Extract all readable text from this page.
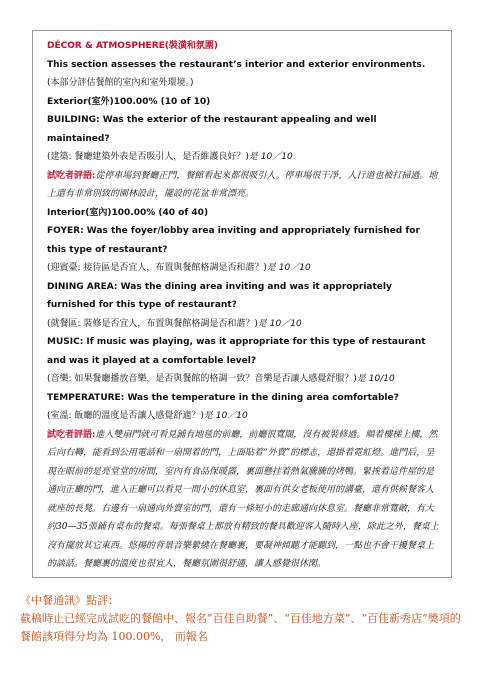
DÉCOR & ATMOSPHERE(裝潢和氛圍)

This section assesses the restaurant’s interior and exterior environments.

(本部分評估餐館的室內和室外環境。)

Exterior(室外)100.00% (10 of 10)

BUILDING: Was the exterior of the restaurant appealing and well maintained?

(建築: 餐廳建築外表是否吸引人，是否維護良好？)是 10／10

試吃者評語:從停車場到餐廳正門，餐館看起來都很吸引人。停車場很干凈，人行道也被打掃過。地上還有非常別致的園林設計，擺設的花盆非常漂亮。

Interior(室內)100.00% (40 of 40)

FOYER: Was the foyer/lobby area inviting and appropriately furnished for this type of restaurant?

(迎賓臺: 接待區是否宜人，布置與餐館格調是否和諧？)是 10／10

DINING AREA: Was the dining area inviting and was it appropriately furnished for this type of restaurant?

(就餐區: 裝修是否宜人，布置與餐館格調是否和諧？)是 10／10

MUSIC: If music was playing, was it appropriate for this type of restaurant and was it played at a comfortable level?

(音樂: 如果餐廳播放音樂，是否與餐館的格調一致？音樂是否讓人感覺舒服？)是 10/10

TEMPERATURE: Was the temperature in the dining area comfortable?

(室溫: 飯廳的溫度是否讓人感覺舒適？)是 10／10

試吃者評語:進入雙扇門就可看見鋪有地毯的前廳，前廳很寬闊，沒有被裝修過。順着樓梯上樓，然后向右轉，能看到公用電話和一扇開着的門，上面貼着“外賣”的標志，還掛着霓虹燈。進門后，呈現在眼前的是亮堂堂的房間，室內有食品保暖器，裏面懸挂着熱氣騰騰的烤鴨。緊挨着這件屋的是通向正廳的門，進入正廳可以看見一間小的休息室，裏面有供女老板使用的講臺，還有供候餐客人就座的長凳。右邊有一扇通向外賣室的門，還有一條短小的走廊通向休息室。餐廳非常寬敞，有大約30—35張鋪有桌布的餐桌。每張餐桌上都放有精致的餐具歡迎客人隨時入座，除此之外，餐桌上沒有擺放其它東西。悠揚的背景音樂縈繞在餐廳裏，要凝神傾聽才能聽到，一點也不會干擾餐桌上的談話。餐廳裏的溫度也很宜人，餐廳氛圍很舒適，讓人感覺很休閑。

《中餐通訊》點評：

截稿時止已經完成試吃的餐館中、報名“百佳自助餐”、“百佳地方菜”、“百佳新秀店”獎項的餐館該項得分均為 100.00%， 而報名
